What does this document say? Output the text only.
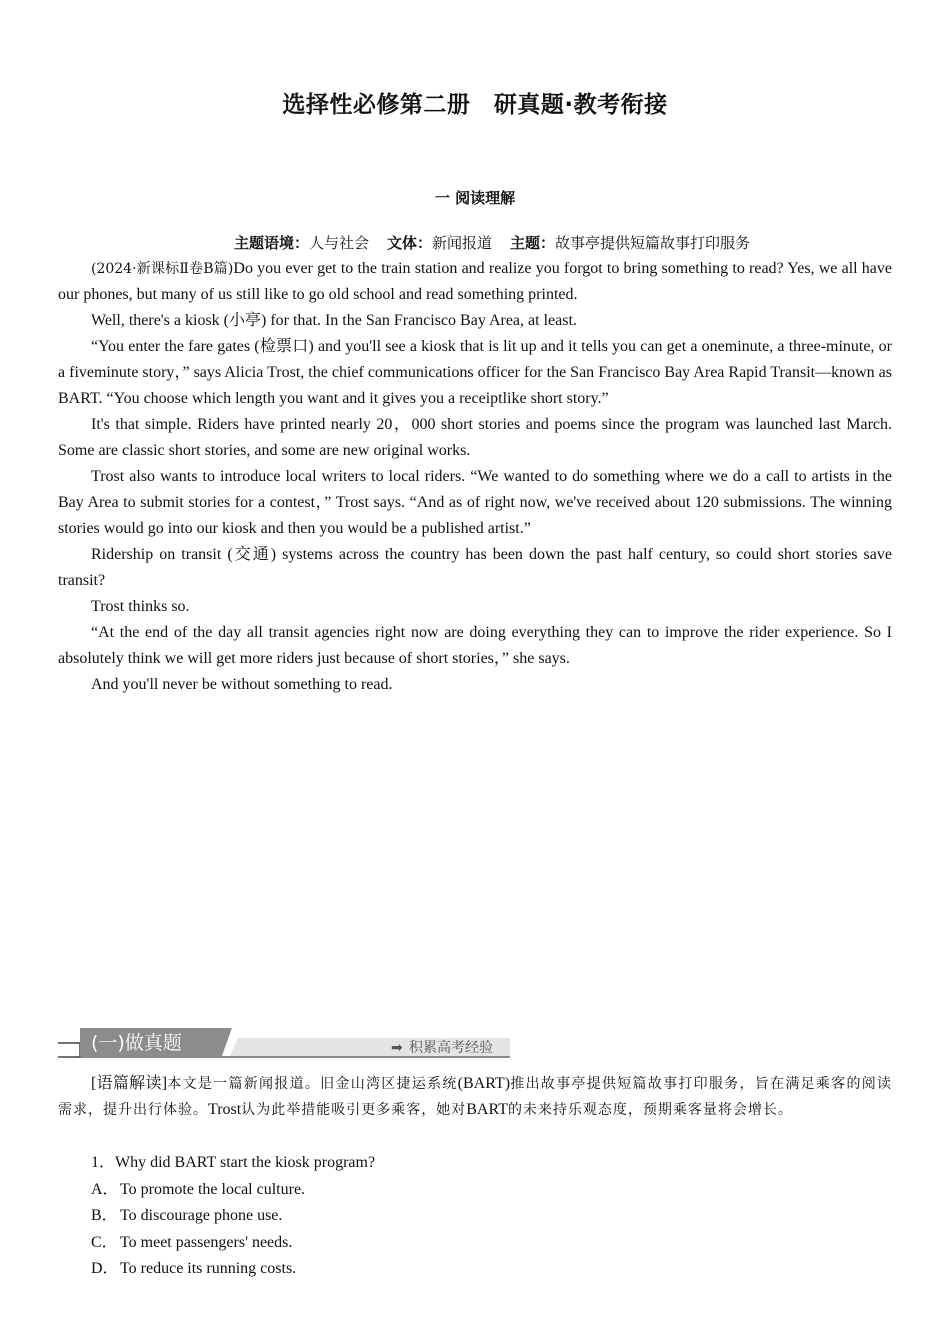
选择性必修第二册　研真题·教考衔接
一 阅读理解
主题语境：人与社会 文体：新闻报道 主题：故事亭提供短篇故事打印服务

(2024·新课标Ⅱ卷B篇)Do you ever get to the train station and realize you forgot to bring something to read? Yes, we all have our phones, but many of us still like to go old school and read something printed.

Well, there's a kiosk (小亭) for that. In the San Francisco Bay Area, at least.

“You enter the fare gates (检票口) and you'll see a kiosk that is lit up and it tells you can get a oneminute, a three-minute, or a fiveminute story，” says Alicia Trost, the chief communications officer for the San Francisco Bay Area Rapid Transit—known as BART. “You choose which length you want and it gives you a receiptlike short story.”

It's that simple. Riders have printed nearly 20，000 short stories and poems since the program was launched last March. Some are classic short stories, and some are new original works.

Trost also wants to introduce local writers to local riders. “We wanted to do something where we do a call to artists in the Bay Area to submit stories for a contest，” Trost says. “And as of right now, we've received about 120 submissions. The winning stories would go into our kiosk and then you would be a published artist.”

Ridership on transit (交通) systems across the country has been down the past half century, so could short stories save transit?

Trost thinks so.

“At the end of the day all transit agencies right now are doing everything they can to improve the rider experience. So I absolutely think we will get more riders just because of short stories，” she says.

And you'll never be without something to read.

(一)做真题	➡ 积累高考经验

[语篇解读]本文是一篇新闻报道。旧金山湾区捷运系统(BART)推出故事亭提供短篇故事打印服务，旨在满足乘客的阅读需求，提升出行体验。Trost认为此举措能吸引更多乘客，她对BART的未来持乐观态度，预期乘客量将会增长。

1．Why did BART start the kiosk program?
A．To promote the local culture.
B． To discourage phone use.
C． To meet passengers' needs.
D．To reduce its running costs.
